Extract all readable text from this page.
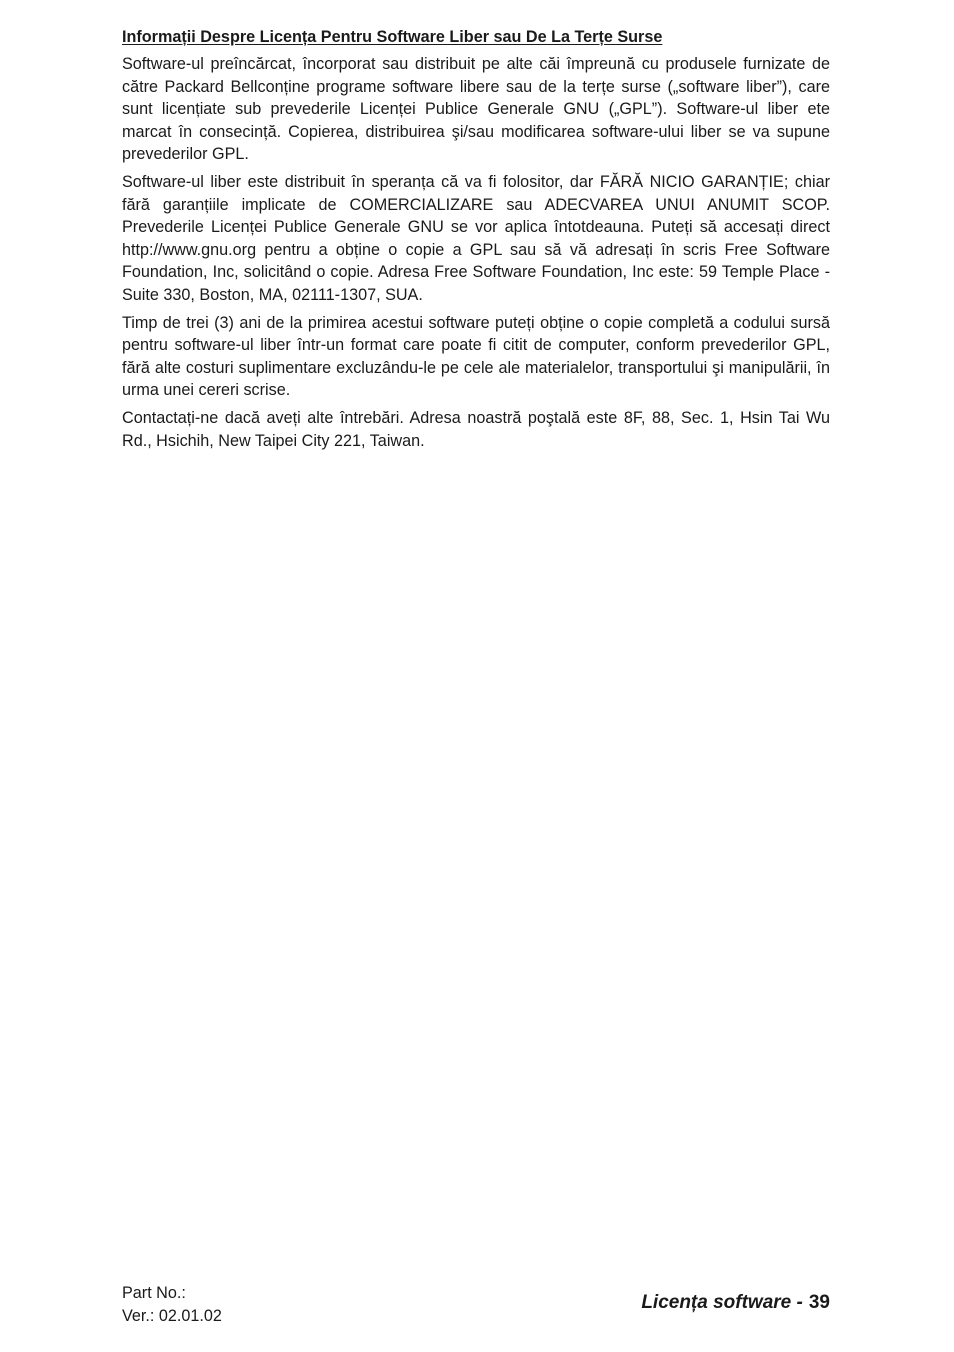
Informații Despre Licența Pentru Software Liber sau De La Terțe Surse

Software-ul preîncărcat, încorporat sau distribuit pe alte căi împreună cu produsele furnizate de către Packard Bellconține programe software libere sau de la terțe surse („software liber”), care sunt licențiate sub prevederile Licenței Publice Generale GNU („GPL”). Software-ul liber ete marcat în consecință. Copierea, distribuirea şi/sau modificarea software-ului liber se va supune prevederilor GPL.

Software-ul liber este distribuit în speranța că va fi folositor, dar FĂRĂ NICIO GARANȚIE; chiar fără garanțiile implicate de COMERCIALIZARE sau ADECVAREA UNUI ANUMIT SCOP. Prevederile Licenței Publice Generale GNU se vor aplica întotdeauna. Puteți să accesați direct http://www.gnu.org pentru a obține o copie a GPL sau să vă adresați în scris Free Software Foundation, Inc, solicitând o copie. Adresa Free Software Foundation, Inc este: 59 Temple Place - Suite 330, Boston, MA, 02111-1307, SUA.

Timp de trei (3) ani de la primirea acestui software puteți obține o copie completă a codului sursă pentru software-ul liber într-un format care poate fi citit de computer, conform prevederilor GPL, fără alte costuri suplimentare excluzându-le pe cele ale materialelor, transportului şi manipulării, în urma unei cereri scrise.

Contactați-ne dacă aveți alte întrebări. Adresa noastră poştală este 8F, 88, Sec. 1, Hsin Tai Wu Rd., Hsichih, New Taipei City 221, Taiwan.

Part No.:
Ver.: 02.01.02
Licența software - 39
